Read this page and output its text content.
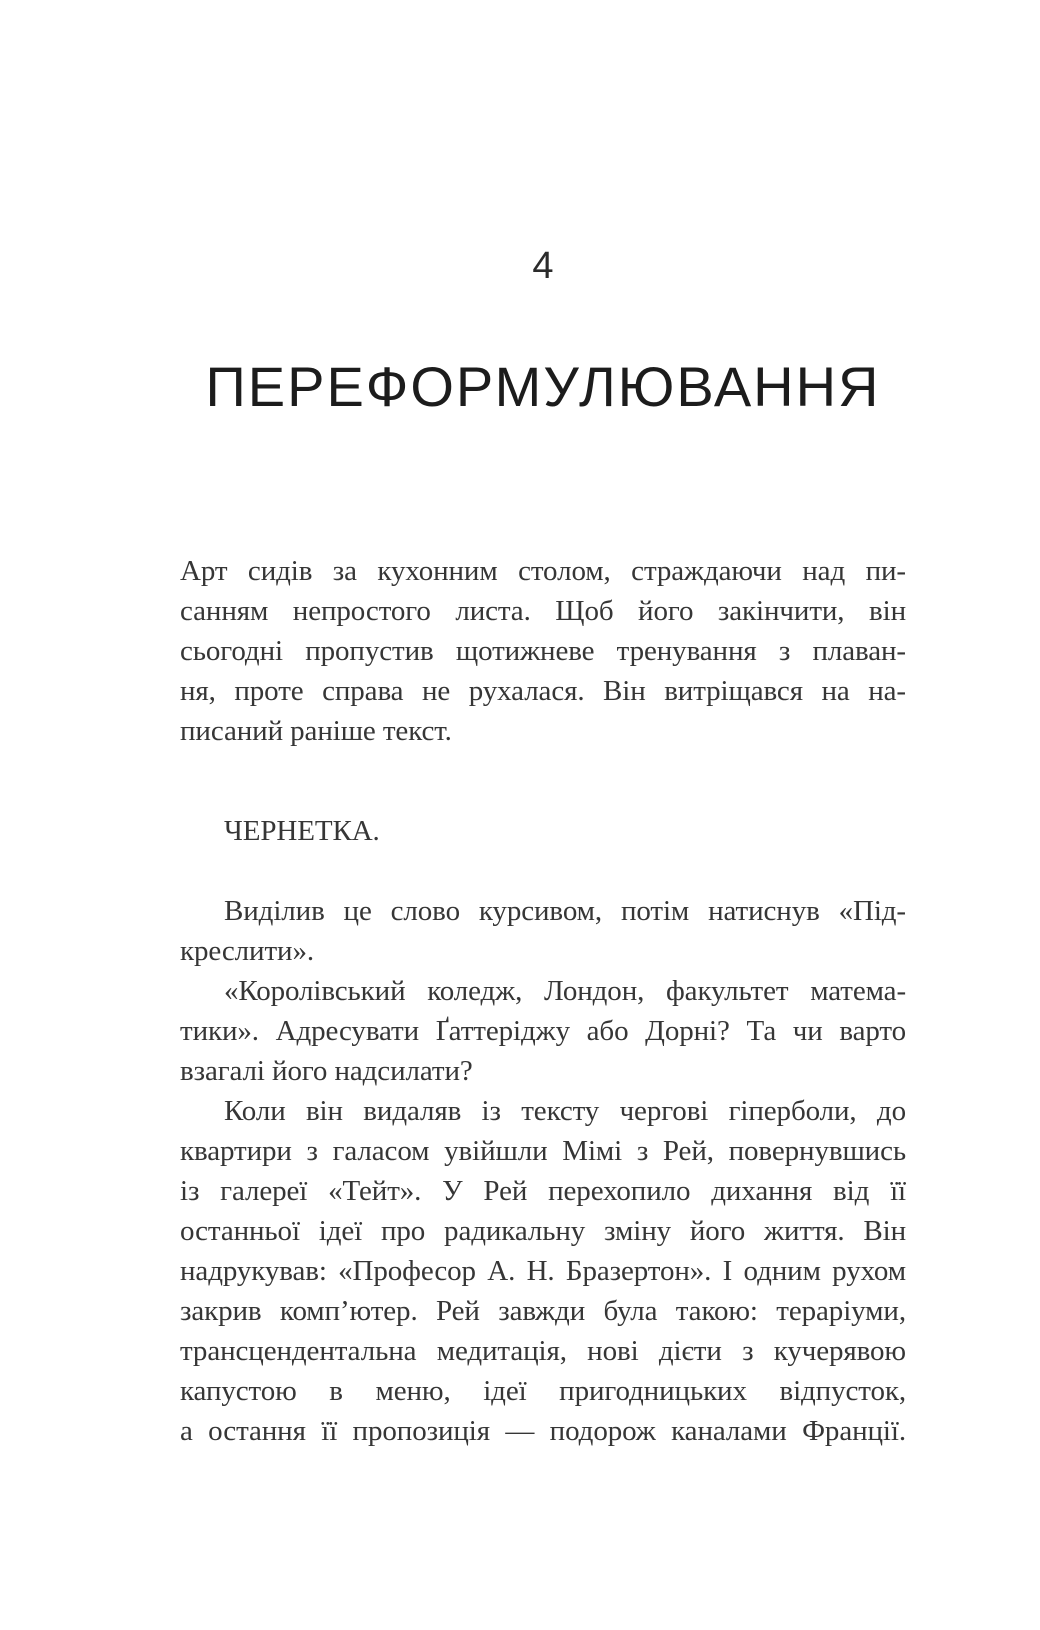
4
ПЕРЕФОРМУЛЮВАННЯ
Арт сидів за кухонним столом, страждаючи над пи-
санням непростого листа. Щоб його закінчити, він
сьогодні пропустив щотижневе тренування з плаван-
ня, проте справа не рухалася. Він витріщався на на-
писаний раніше текст.
ЧЕРНЕТКА.
Виділив це слово курсивом, потім натиснув «Під-
креслити».
«Королівський коледж, Лондон, факультет матема-
тики». Адресувати Ґаттеріджу або Дорні? Та чи варто
взагалі його надсилати?
Коли він видаляв із тексту чергові гіперболи, до
квартири з галасом увійшли Мімі з Рей, повернувшись
із галереї «Тейт». У Рей перехопило дихання від її
останньої ідеї про радикальну зміну його життя. Він
надрукував: «Професор А. Н. Бразертон». І одним рухом
закрив комп’ютер. Рей завжди була такою: тераріуми,
трансцендентальна медитація, нові дієти з кучерявою
капустою в меню, ідеї пригодницьких відпусток,
а остання її пропозиція — подорож каналами Франції.
